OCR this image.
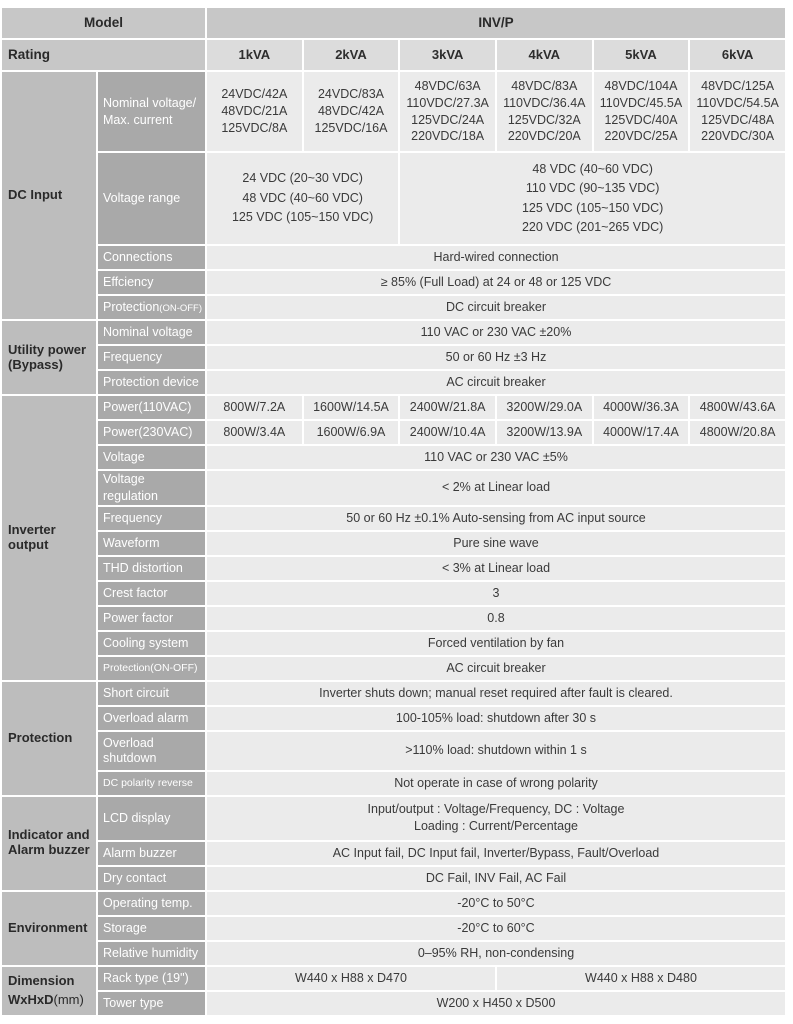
Model		INV/P					
Rating		1kVA	2kVA	3kVA	4kVA	5kVA	6kVA
DC Input	Nominal voltage/ Max. current	24VDC/42A
48VDC/21A
125VDC/8A	24VDC/83A
48VDC/42A
125VDC/16A	48VDC/63A
110VDC/27.3A
125VDC/24A
220VDC/18A	48VDC/83A
110VDC/36.4A
125VDC/32A
220VDC/20A	48VDC/104A
110VDC/45.5A
125VDC/40A
220VDC/25A	48VDC/125A
110VDC/54.5A
125VDC/48A
220VDC/30A

	Voltage range	24 VDC (20~30 VDC)
48 VDC (40~60 VDC)
125 VDC (105~150 VDC)		48 VDC (40~60 VDC)
110 VDC (90~135 VDC)
125 VDC (105~150 VDC)
220 VDC (201~265 VDC)			

	Connections	Hard-wired connection					
	Effciency	≥ 85% (Full Load) at 24 or 48 or 125 VDC					
	Protection(ON-OFF)	DC circuit breaker					
Utility power (Bypass)	Nominal voltage	110 VAC or 230 VAC ±20%					
	Frequency	50 or 60 Hz ±3 Hz					
	Protection device	AC circuit breaker					
Inverter output	Power(110VAC)	800W/7.2A	1600W/14.5A	2400W/21.8A	3200W/29.0A	4000W/36.3A	4800W/43.6A
	Power(230VAC)	800W/3.4A	1600W/6.9A	2400W/10.4A	3200W/13.9A	4000W/17.4A	4800W/20.8A
	Voltage	110 VAC or 230 VAC ±5%					
	Voltage regulation	< 2% at Linear load					
	Frequency	50 or 60 Hz ±0.1% Auto-sensing from AC input source					
	Waveform	Pure sine wave					
	THD distortion	< 3% at Linear load					
	Crest factor	3					
	Power factor	0.8					
	Cooling system	Forced ventilation by fan					
	Protection(ON-OFF)	AC circuit breaker					
Protection	Short circuit	Inverter shuts down; manual reset required after fault is cleared.					
	Overload alarm	100-105% load: shutdown after 30 s					
	Overload shutdown	>110% load: shutdown within 1 s					
	DC polarity reverse	Not operate in case of wrong polarity					
Indicator and Alarm buzzer	LCD display	Input/output : Voltage/Frequency, DC : Voltage
Loading : Current/Percentage					

	Alarm buzzer	AC Input fail, DC Input fail, Inverter/Bypass, Fault/Overload					
	Dry contact	DC Fail, INV Fail, AC Fail					
Environment	Operating temp.	-20°C to 50°C					
	Storage	-20°C to 60°C					
	Relative humidity	0–95% RH, non-condensing					

Dimension
WxHxD(mm)	Rack type (19")	W440 x H88 x D470			W440 x H88 x D480		
	Tower type	W200 x H450 x D500					
